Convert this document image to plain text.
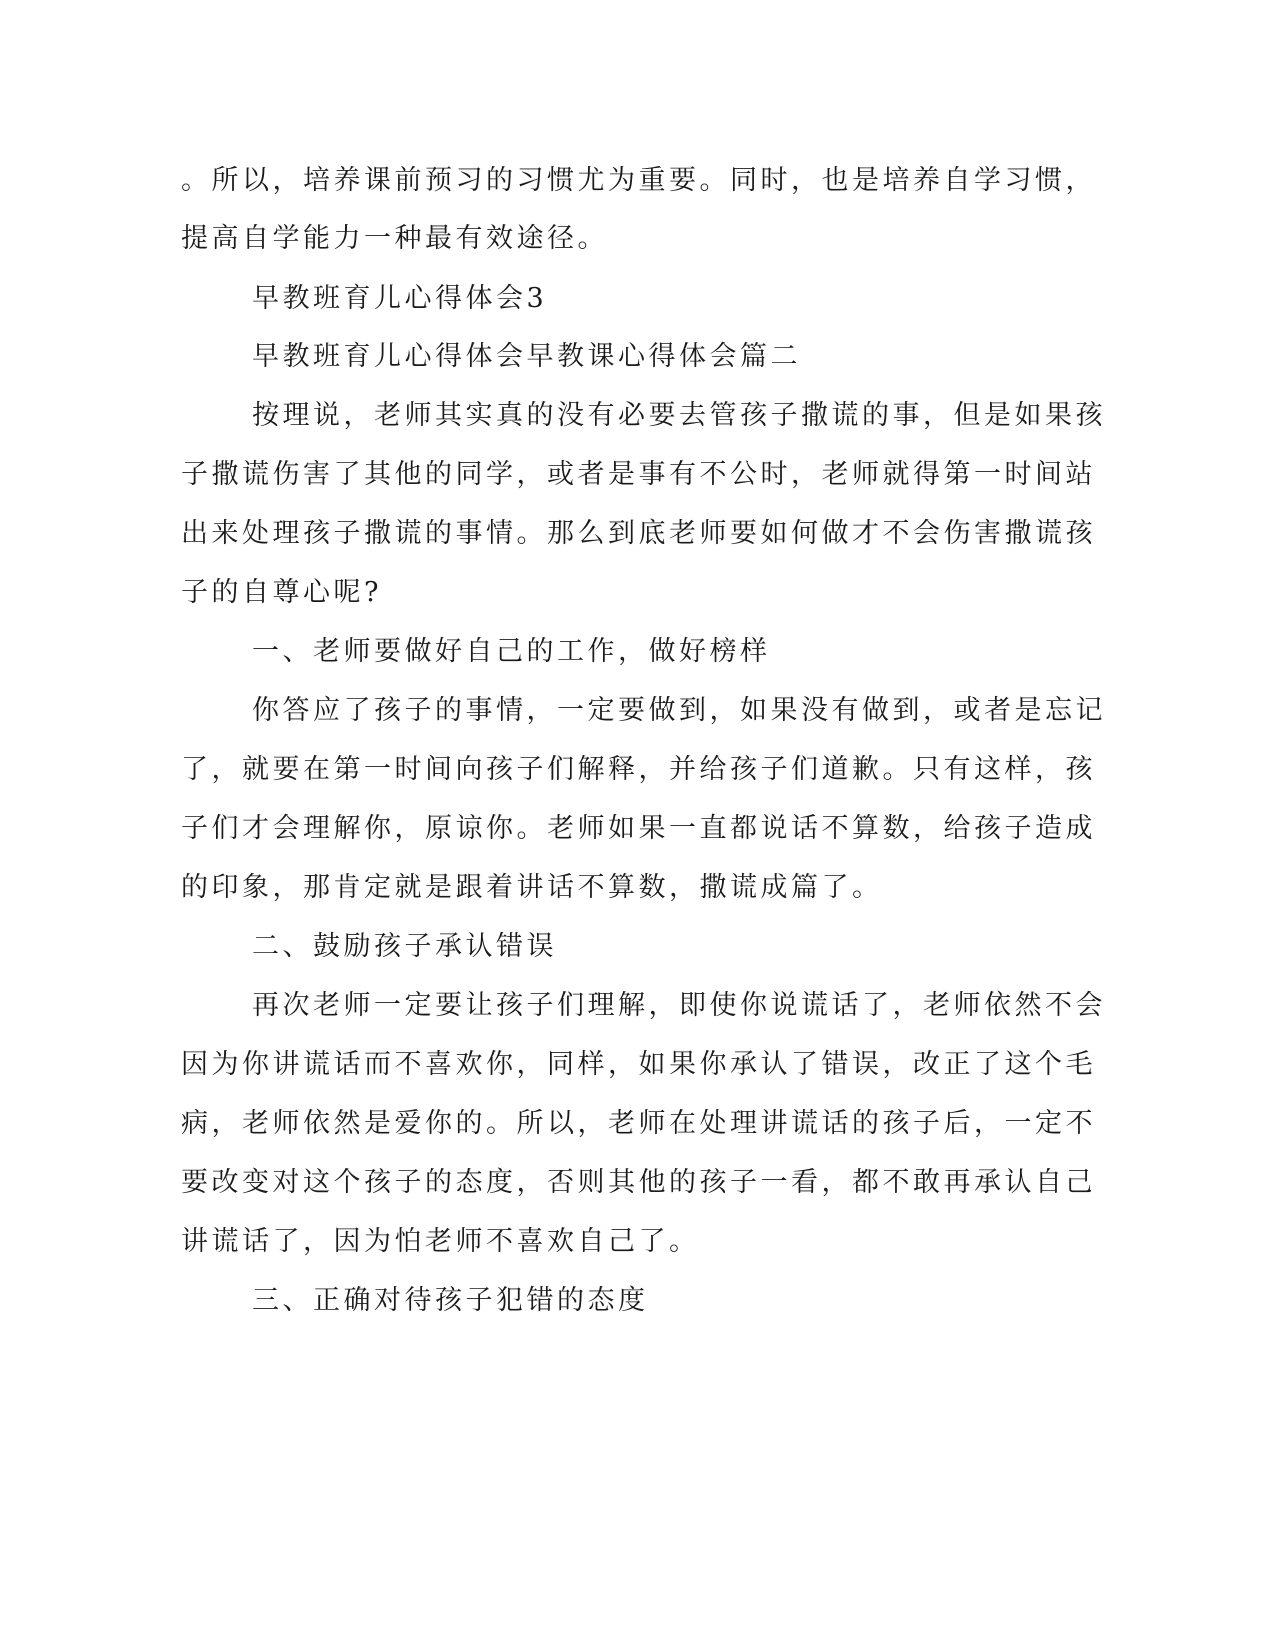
。所以，培养课前预习的习惯尤为重要。同时，也是培养自学习惯，
提高自学能力一种最有效途径。
早教班育儿心得体会3
早教班育儿心得体会早教课心得体会篇二
按理说，老师其实真的没有必要去管孩子撒谎的事，但是如果孩
子撒谎伤害了其他的同学，或者是事有不公时，老师就得第一时间站
出来处理孩子撒谎的事情。那么到底老师要如何做才不会伤害撒谎孩
子的自尊心呢?
一、老师要做好自己的工作，做好榜样
你答应了孩子的事情，一定要做到，如果没有做到，或者是忘记
了，就要在第一时间向孩子们解释，并给孩子们道歉。只有这样，孩
子们才会理解你，原谅你。老师如果一直都说话不算数，给孩子造成
的印象，那肯定就是跟着讲话不算数，撒谎成篇了。
二、鼓励孩子承认错误
再次老师一定要让孩子们理解，即使你说谎话了，老师依然不会
因为你讲谎话而不喜欢你，同样，如果你承认了错误，改正了这个毛
病，老师依然是爱你的。所以，老师在处理讲谎话的孩子后，一定不
要改变对这个孩子的态度，否则其他的孩子一看，都不敢再承认自己
讲谎话了，因为怕老师不喜欢自己了。
三、正确对待孩子犯错的态度
